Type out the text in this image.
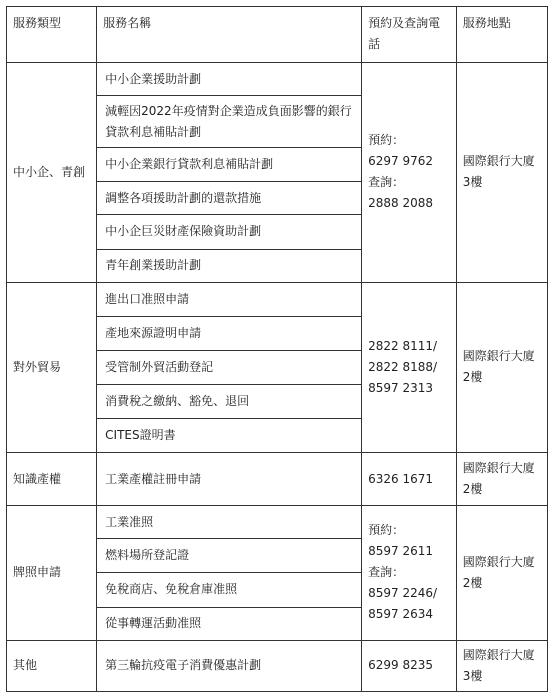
服務類型	服務名稱	預約及查詢電話	服務地點
中小企、青創	中小企業援助計劃	預約：
6297 9762
查詢：
2888 2088	國際銀行大廈
3樓

	減輕因2022年疫情對企業造成負面影響的銀行貸款利息補貼計劃		
	中小企業銀行貸款利息補貼計劃		
	調整各項援助計劃的還款措施		
	中小企巨災財產保險資助計劃		
	青年創業援助計劃		
對外貿易	進出口准照申請	2822 8111/
2822 8188/
8597 2313	國際銀行大廈
2樓

	產地來源證明申請		
	受管制外貿活動登記		
	消費稅之繳納、豁免、退回		
	CITES證明書		
知識產權	工業產權註冊申請	6326 1671	國際銀行大廈
2樓

牌照申請	工業准照	預約：
8597 2611
查詢：
8597 2246/
8597 2634	國際銀行大廈
2樓

	燃料場所登記證		
	免稅商店、免稅倉庫准照		
	從事轉運活動准照		
其他	第三輪抗疫電子消費優惠計劃	6299 8235	國際銀行大廈
3樓
